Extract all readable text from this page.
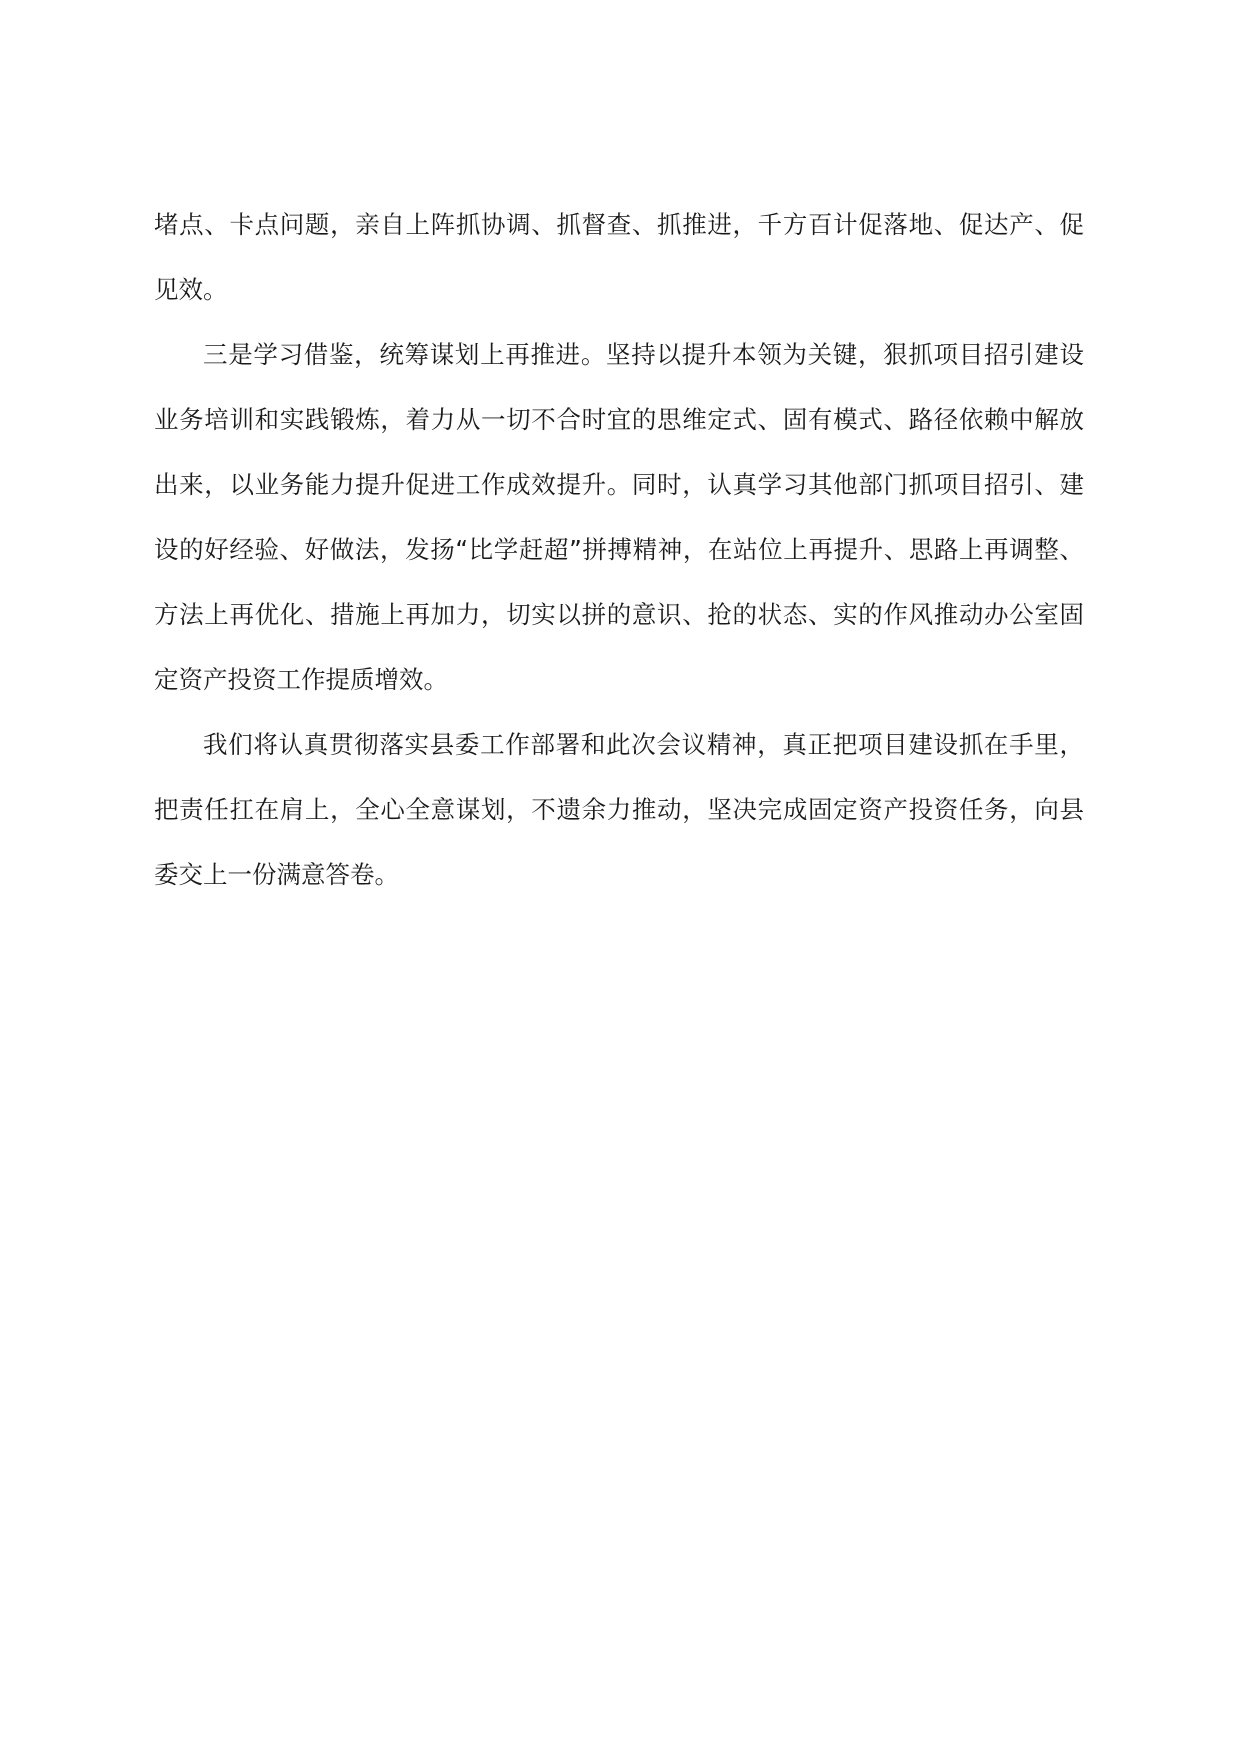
堵点、卡点问题，亲自上阵抓协调、抓督查、抓推进，千方百计促落地、促达产、促见效。

三是学习借鉴，统筹谋划上再推进。坚持以提升本领为关键，狠抓项目招引建设业务培训和实践锻炼，着力从一切不合时宜的思维定式、固有模式、路径依赖中解放出来，以业务能力提升促进工作成效提升。同时，认真学习其他部门抓项目招引、建设的好经验、好做法，发扬“比学赶超”拼搏精神，在站位上再提升、思路上再调整、方法上再优化、措施上再加力，切实以拼的意识、抢的状态、实的作风推动办公室固定资产投资工作提质增效。

我们将认真贯彻落实县委工作部署和此次会议精神，真正把项目建设抓在手里，把责任扛在肩上，全心全意谋划，不遗余力推动，坚决完成固定资产投资任务，向县委交上一份满意答卷。
